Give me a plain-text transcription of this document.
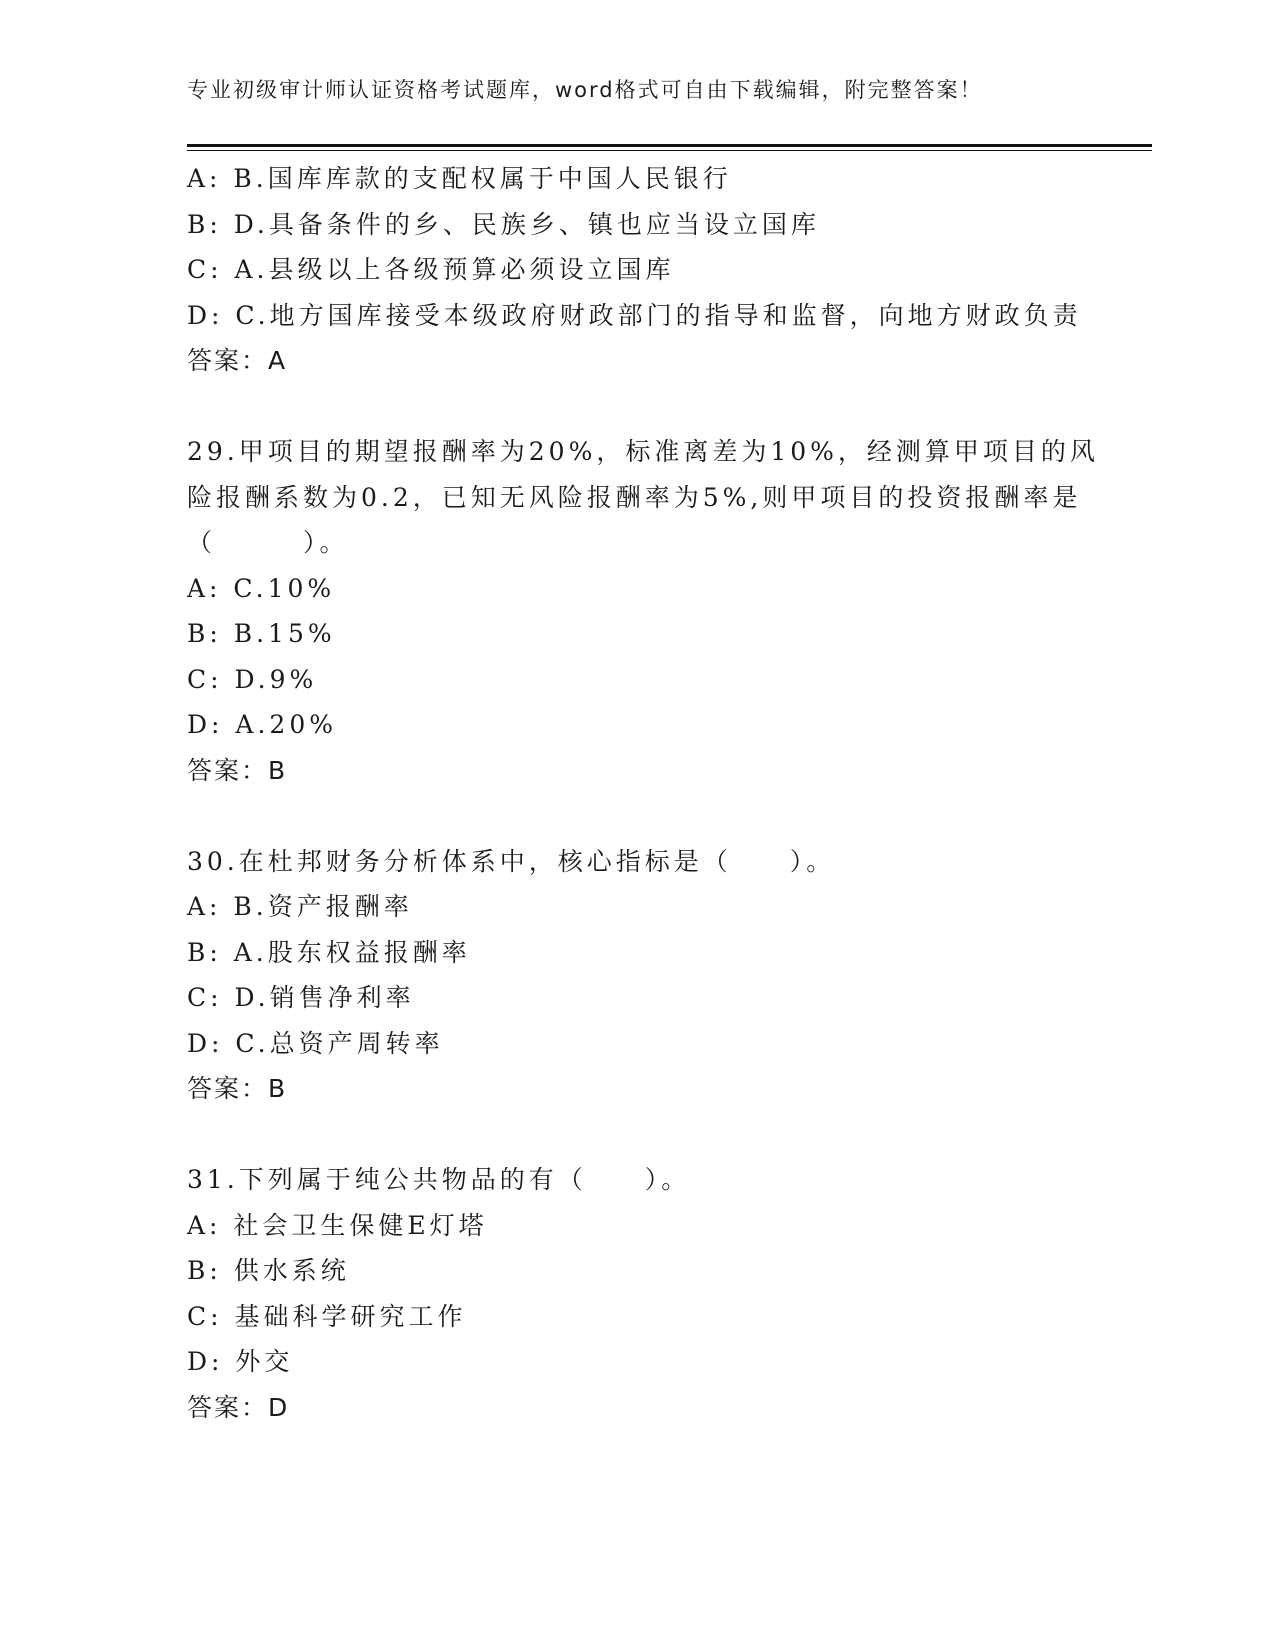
专业初级审计师认证资格考试题库，word格式可自由下载编辑，附完整答案！
A: B.国库库款的支配权属于中国人民银行
B: D.具备条件的乡、民族乡、镇也应当设立国库
C: A.县级以上各级预算必须设立国库
D: C.地方国库接受本级政府财政部门的指导和监督，向地方财政负责
答案：A
29.甲项目的期望报酬率为20%，标准离差为10%，经测算甲项目的风
险报酬系数为0.2，已知无风险报酬率为5%,则甲项目的投资报酬率是
（　　　）。
A: C.10%
B: B.15%
C: D.9%
D: A.20%
答案：B
30.在杜邦财务分析体系中，核心指标是（　　）。
A: B.资产报酬率
B: A.股东权益报酬率
C: D.销售净利率
D: C.总资产周转率
答案：B
31.下列属于纯公共物品的有（　　）。
A: 社会卫生保健E灯塔
B: 供水系统
C: 基础科学研究工作
D: 外交
答案：D
